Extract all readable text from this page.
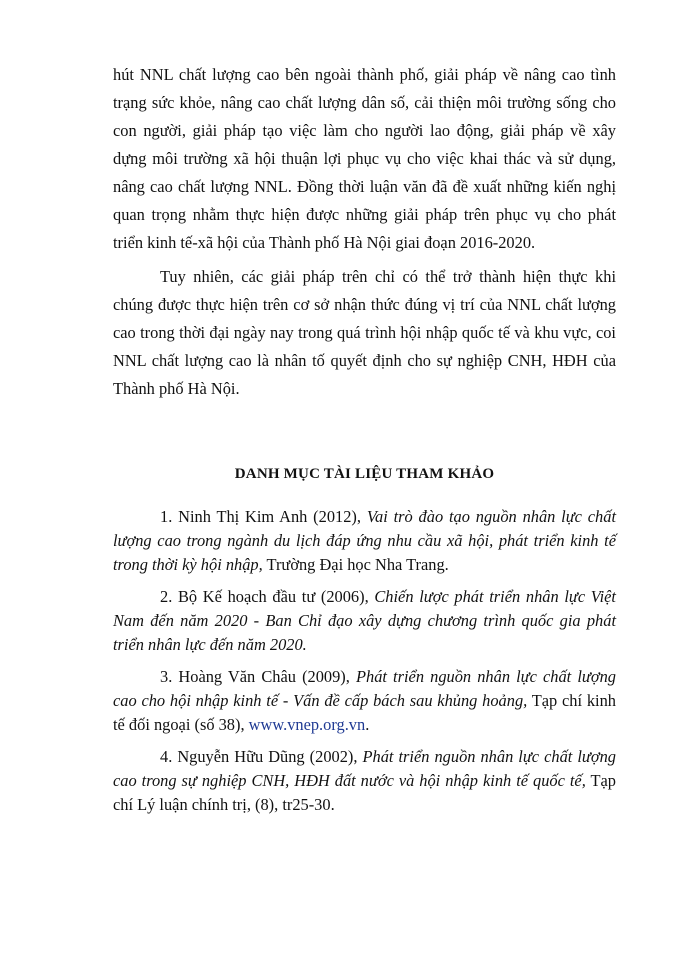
hút NNL chất lượng cao bên ngoài thành phố, giải pháp về nâng cao tình trạng sức khỏe, nâng cao chất lượng dân số, cải thiện môi trường sống cho con người, giải pháp tạo việc làm cho người lao động, giải pháp về xây dựng môi trường xã hội thuận lợi phục vụ cho việc khai thác và sử dụng, nâng cao chất lượng NNL. Đồng thời luận văn đã đề xuất những kiến nghị quan trọng nhằm thực hiện được những giải pháp trên phục vụ cho phát triển kinh tế-xã hội của Thành phố Hà Nội giai đoạn 2016-2020.

Tuy nhiên, các giải pháp trên chỉ có thể trở thành hiện thực khi chúng được thực hiện trên cơ sở nhận thức đúng vị trí của NNL chất lượng cao trong thời đại ngày nay trong quá trình hội nhập quốc tế và khu vực, coi NNL chất lượng cao là nhân tố quyết định cho sự nghiệp CNH, HĐH của Thành phố Hà Nội.

DANH MỤC TÀI LIỆU THAM KHẢO

1. Ninh Thị Kim Anh (2012), Vai trò đào tạo nguồn nhân lực chất lượng cao trong ngành du lịch đáp ứng nhu cầu xã hội, phát triển kinh tế trong thời kỳ hội nhập, Trường Đại học Nha Trang.

2. Bộ Kế hoạch đầu tư (2006), Chiến lược phát triển nhân lực Việt Nam đến năm 2020 - Ban Chỉ đạo xây dựng chương trình quốc gia phát triển nhân lực đến năm 2020.

3. Hoàng Văn Châu (2009), Phát triển nguồn nhân lực chất lượng cao cho hội nhập kinh tế - Vấn đề cấp bách sau khủng hoảng, Tạp chí kinh tế đối ngoại (số 38), www.vnep.org.vn.

4. Nguyễn Hữu Dũng (2002), Phát triển nguồn nhân lực chất lượng cao trong sự nghiệp CNH, HĐH đất nước và hội nhập kinh tế quốc tế, Tạp chí Lý luận chính trị, (8), tr25-30.
